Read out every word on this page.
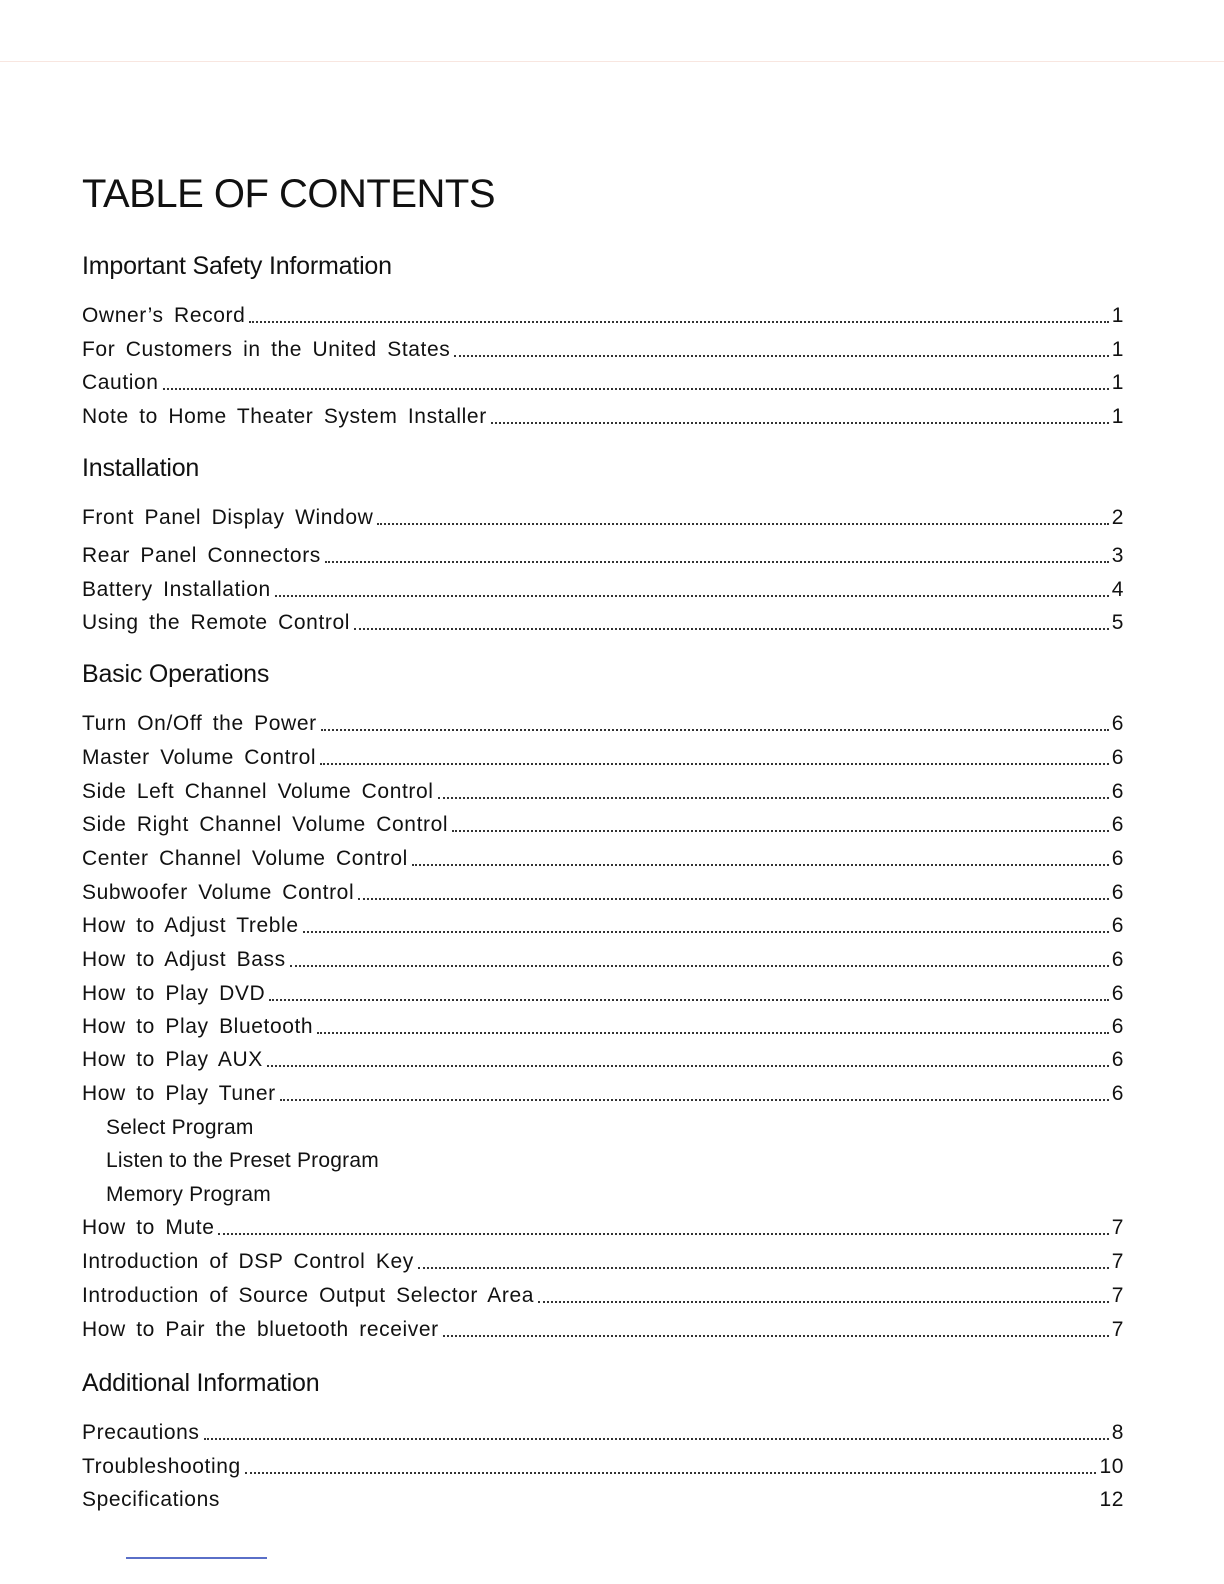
TABLE OF CONTENTS
Important Safety Information
Owner’s Record	1
For Customers in the United States	1
Caution	1
Note to Home Theater System Installer	1
Installation
Front Panel Display Window	2
Rear Panel Connectors	3
Battery Installation	4
Using the Remote Control	5
Basic Operations
Turn On/Off the Power	6
Master Volume Control	6
Side Left Channel Volume Control	6
Side Right Channel Volume Control	6
Center Channel Volume Control	6
Subwoofer Volume Control	6
How to Adjust Treble	6
How to Adjust Bass	6
How to Play DVD	6
How to Play Bluetooth	6
How to Play AUX	6
How to Play Tuner	6
Select Program
Listen to the Preset Program
Memory Program
How to Mute	7
Introduction of DSP Control Key	7
Introduction of Source Output Selector Area	7
How to Pair the bluetooth receiver	7
Additional Information
Precautions	8
Troubleshooting	10
Specifications	12
